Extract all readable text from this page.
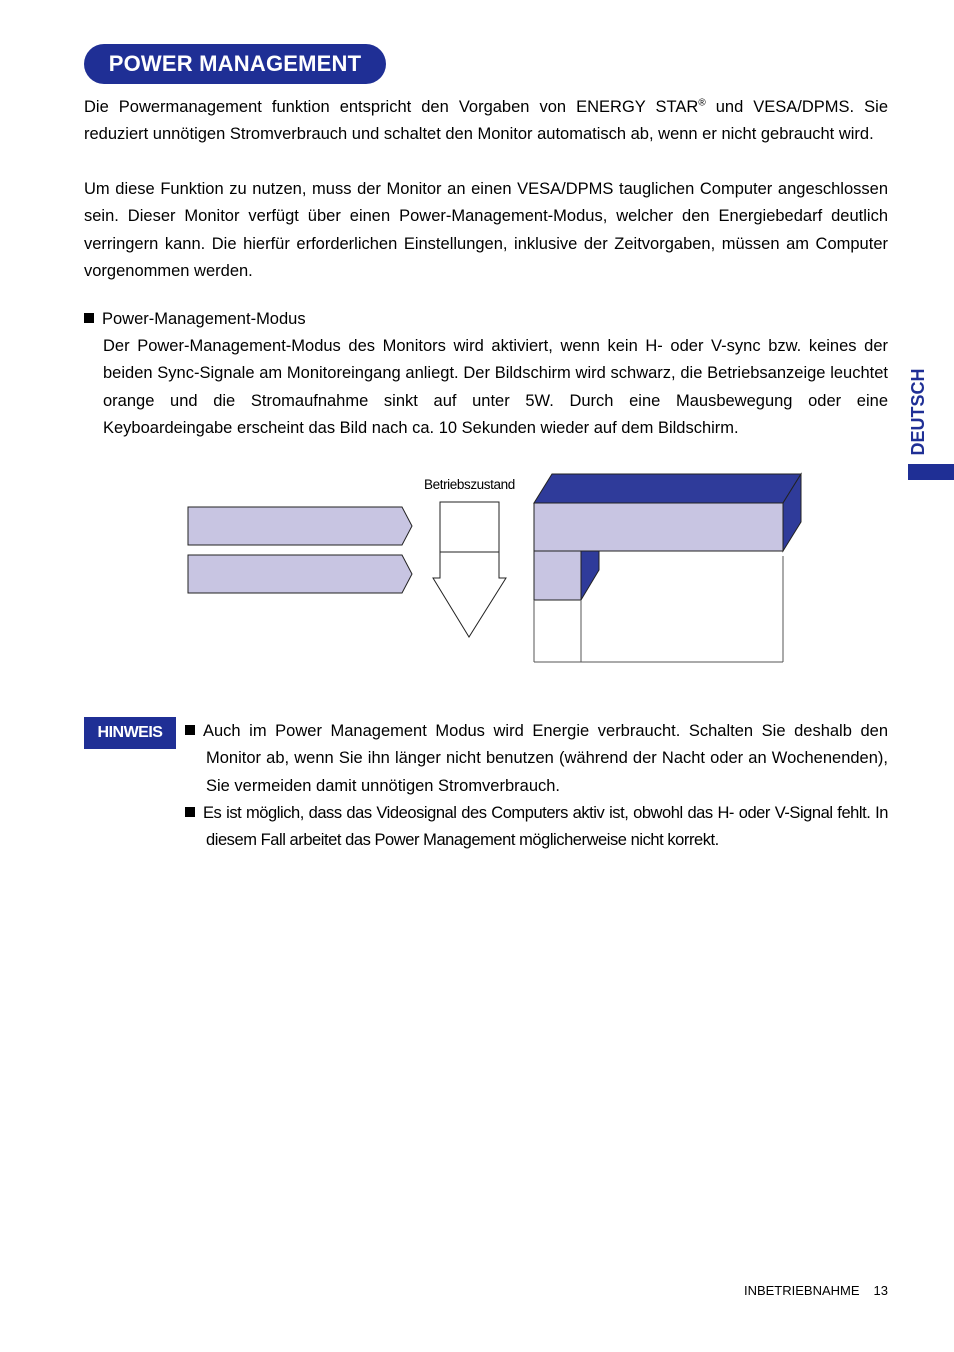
POWER MANAGEMENT

Die Powermanagement funktion entspricht den Vorgaben von ENERGY STAR® und VESA/DPMS. Sie reduziert unnötigen Stromverbrauch und schaltet den Monitor automatisch ab, wenn er nicht gebraucht wird.

Um diese Funktion zu nutzen, muss der Monitor an einen VESA/DPMS tauglichen Computer angeschlossen sein. Dieser Monitor verfügt über einen Power-Management-Modus, welcher den Energiebedarf deutlich verringern kann. Die hierfür erforderlichen Einstellungen, inklusive der Zeitvorgaben, müssen am Computer vorgenommen werden.

Power-Management-Modus

Der Power-Management-Modus des Monitors wird aktiviert, wenn kein H- oder V-sync bzw. keines der beiden Sync-Signale am Monitoreingang anliegt. Der Bildschirm wird schwarz, die Betriebsanzeige leuchtet orange und die Stromaufnahme sinkt auf unter 5W. Durch eine Mausbewegung oder eine Keyboardeingabe erscheint das Bild nach ca. 10 Sekunden wieder auf dem Bildschirm.	DEUTSCH
Betriebszustand
HINWEIS	Auch im Power Management Modus wird Energie verbraucht. Schalten Sie deshalb den Monitor ab, wenn Sie ihn länger nicht benutzen (während der Nacht oder an Wochenenden), Sie vermeiden damit unnötigen Stromverbrauch.

Es ist möglich, dass das Videosignal des Computers aktiv ist, obwohl das H- oder V-Signal fehlt. In diesem Fall arbeitet das Power Management möglicherweise nicht korrekt.

INBETRIEBNAHME 13
